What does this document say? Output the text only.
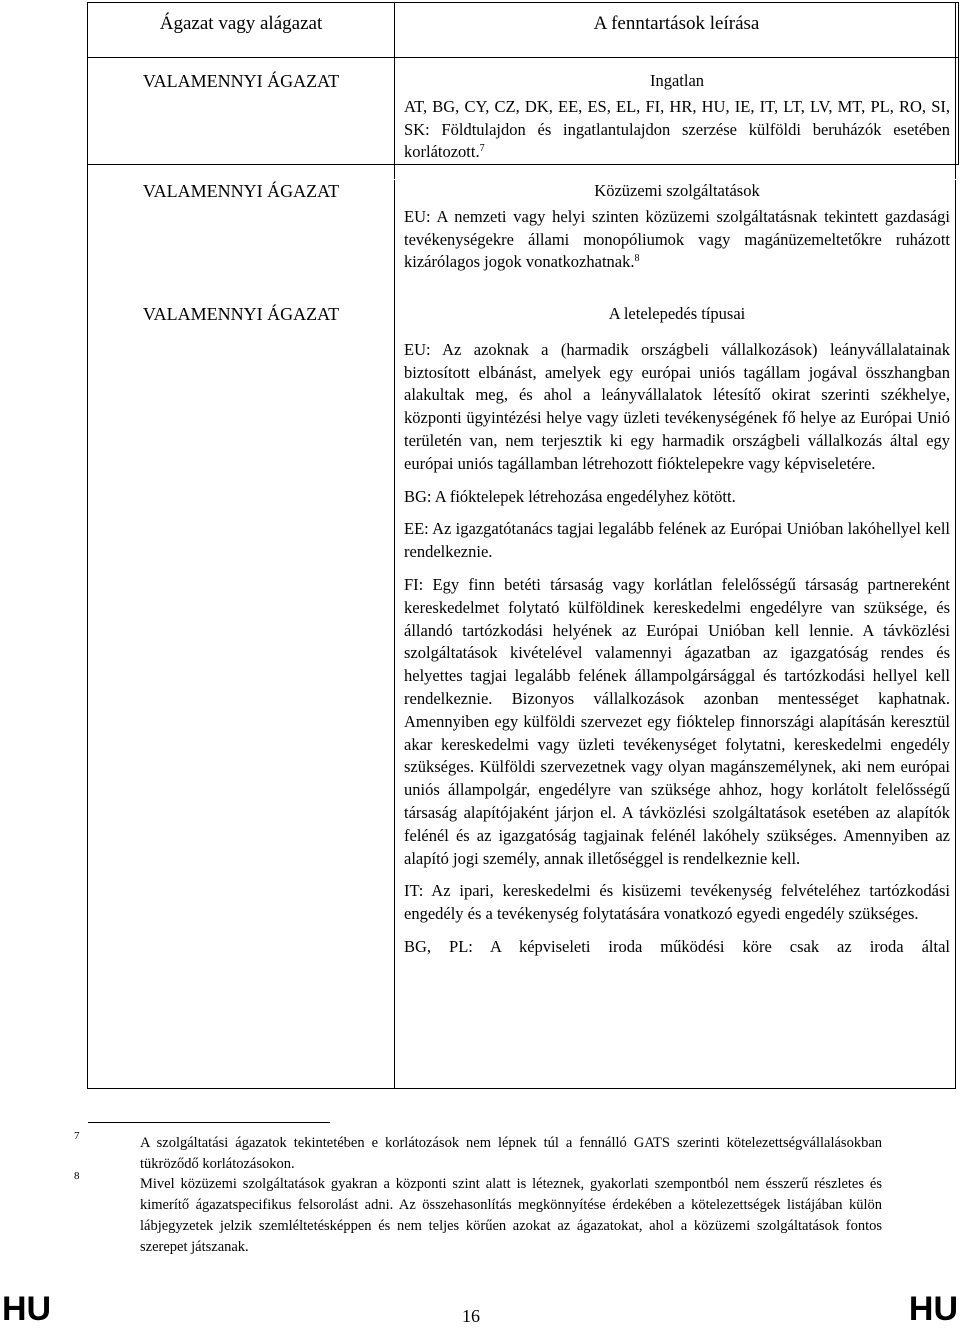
Ágazat vagy alágazat	A fenntartások leírása
VALAMENNYI ÁGAZAT	Ingatlan

AT, BG, CY, CZ, DK, EE, ES, EL, FI, HR, HU, IE, IT, LT, LV, MT, PL, RO, SI, SK: Földtulajdon és ingatlantulajdon szerzése külföldi beruházók esetében korlátozott.$^7$

VALAMENNYI ÁGAZAT	Közüzemi szolgáltatások

EU: A nemzeti vagy helyi szinten közüzemi szolgáltatásnak tekintett gazdasági tevékenységekre állami monopóliumok vagy magánüzemeltetőkre ruházott kizárólagos jogok vonatkozhatnak.$^8$

VALAMENNYI ÁGAZAT	A letelepedés típusai

EU: Az azoknak a (harmadik országbeli vállalkozások) leányvállalatainak biztosított elbánást, amelyek egy európai uniós tagállam jogával összhangban alakultak meg, és ahol a leányvállalatok létesítő okirat szerinti székhelye, központi ügyintézési helye vagy üzleti tevékenységének fő helye az Európai Unió területén van, nem terjesztik ki egy harmadik országbeli vállalkozás által egy európai uniós tagállamban létrehozott fióktelepekre vagy képviseletére.

BG: A fióktelepek létrehozása engedélyhez kötött.

EE: Az igazgatótanács tagjai legalább felének az Európai Unióban lakóhellyel kell rendelkeznie.

FI: Egy finn betéti társaság vagy korlátlan felelősségű társaság partnereként kereskedelmet folytató külföldinek kereskedelmi engedélyre van szüksége, és állandó tartózkodási helyének az Európai Unióban kell lennie. A távközlési szolgáltatások kivételével valamennyi ágazatban az igazgatóság rendes és helyettes tagjai legalább felének állampolgársággal és tartózkodási hellyel kell rendelkeznie. Bizonyos vállalkozások azonban mentességet kaphatnak. Amennyiben egy külföldi szervezet egy fióktelep finnországi alapításán keresztül akar kereskedelmi vagy üzleti tevékenységet folytatni, kereskedelmi engedély szükséges. Külföldi szervezetnek vagy olyan magánszemélynek, aki nem európai uniós állampolgár, engedélyre van szüksége ahhoz, hogy korlátolt felelősségű társaság alapítójaként járjon el. A távközlési szolgáltatások esetében az alapítók felénél és az igazgatóság tagjainak felénél lakóhely szükséges. Amennyiben az alapító jogi személy, annak illetőséggel is rendelkeznie kell.

IT: Az ipari, kereskedelmi és kisüzemi tevékenység felvételéhez tartózkodási engedély és a tevékenység folytatására vonatkozó egyedi engedély szükséges.

BG, PL: A képviseleti iroda működési köre csak az iroda által

7	A szolgáltatási ágazatok tekintetében e korlátozások nem lépnek túl a fennálló GATS szerinti kötelezettségvállalásokban tükröződő korlátozásokon.
8	Mivel közüzemi szolgáltatások gyakran a központi szint alatt is léteznek, gyakorlati szempontból nem ésszerű részletes és kimerítő ágazatspecifikus felsorolást adni. Az összehasonlítás megkönnyítése érdekében a kötelezettségek listájában külön lábjegyzetek jelzik szemléltetésképpen és nem teljes körűen azokat az ágazatokat, ahol a közüzemi szolgáltatások fontos szerepet játszanak.
HU	16	HU
